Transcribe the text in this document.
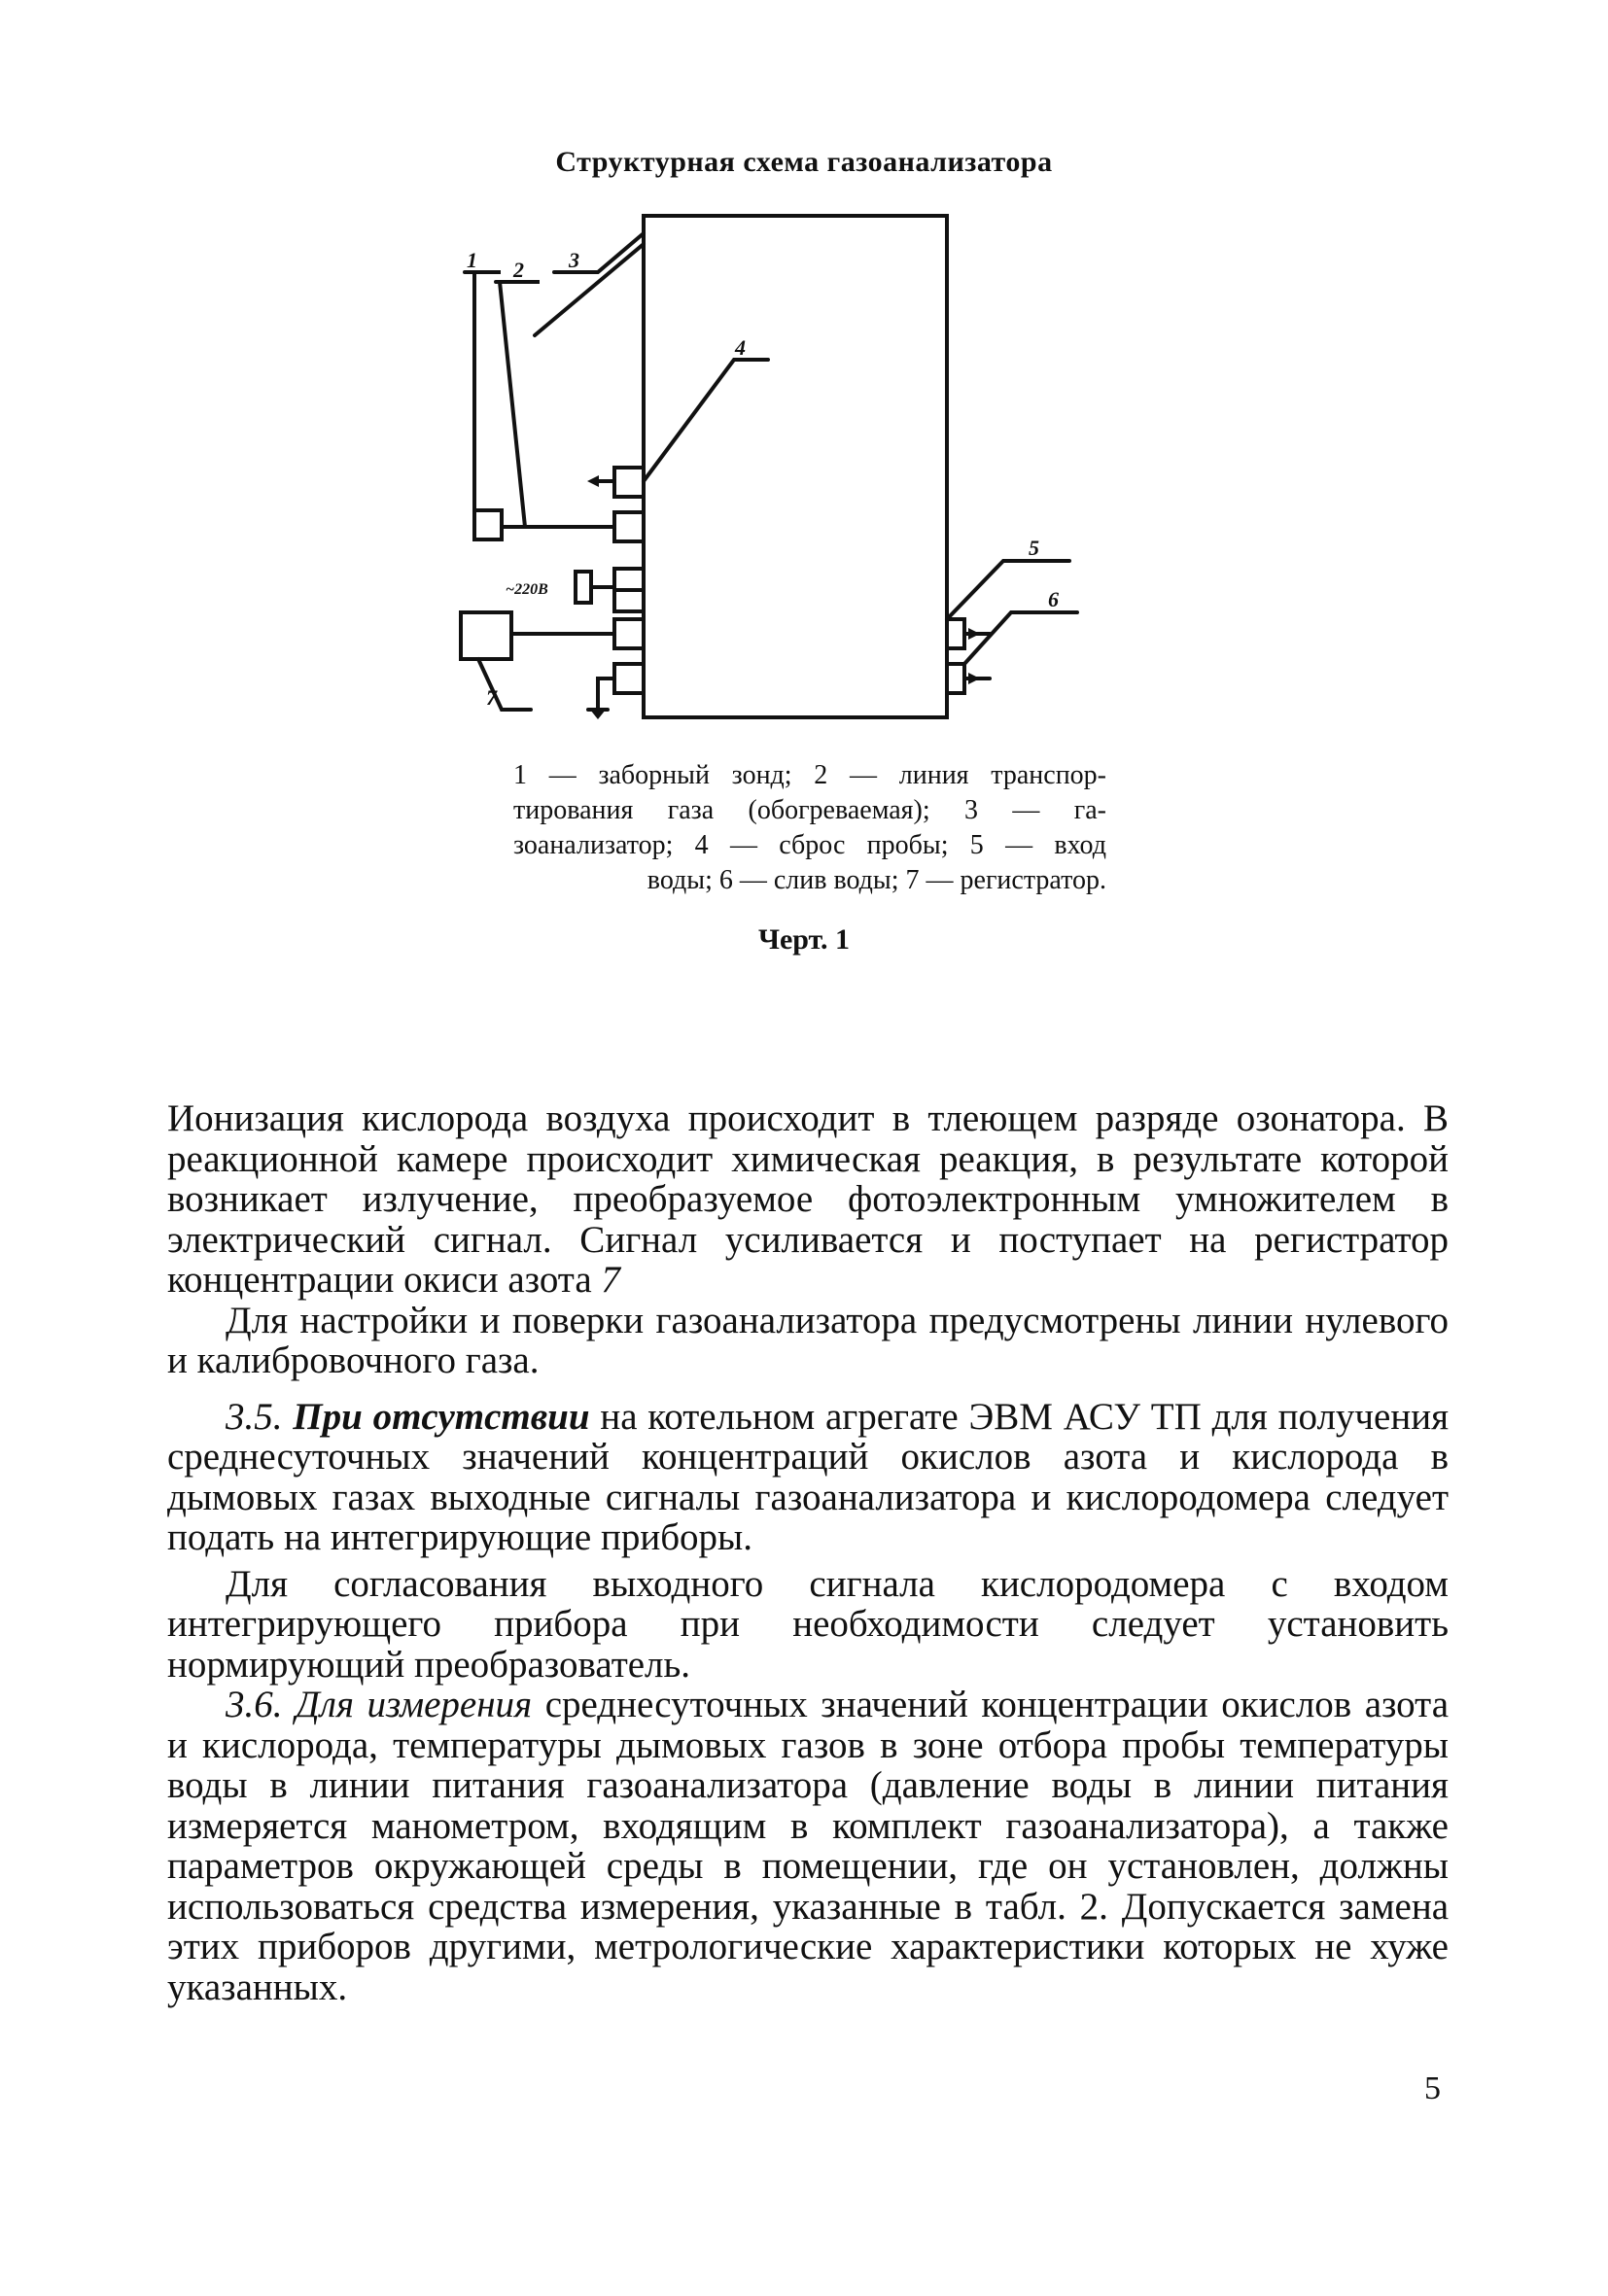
Структурная схема газоанализатора
1 2 3
4
5
6
7
~220В
1 — заборный зонд; 2 — линия транспор-
тирования газа (обогреваемая); 3 — га-
зоанализатор; 4 — сброс пробы; 5 — вход
воды; 6 — слив воды; 7 — регистратор.
Черт. 1

Ионизация кислорода воздуха происходит в тлеющем разряде озонатора. В реакционной камере происходит химическая реакция, в результате которой возникает излучение, преобразуемое фотоэлектронным умножителем в электрический сигнал. Сигнал усиливается и поступает на регистратор концентрации окиси азота 7

Для настройки и поверки газоанализатора предусмотрены линии нулевого и калибровочного газа.

3.5. При отсутствии на котельном агрегате ЭВМ АСУ ТП для получения среднесуточных значений концентраций окислов азота и кислорода в дымовых газах выходные сигналы газоанализатора и кислородомера следует подать на интегрирующие приборы.

Для согласования выходного сигнала кислородомера с входом интегрирующего прибора при необходимости следует установить нормирующий преобразователь.

3.6. Для измерения среднесуточных значений концентрации окислов азота и кислорода, температуры дымовых газов в зоне отбора пробы температуры воды в линии питания газоанализатора (давление воды в линии питания измеряется манометром, входящим в комплект газоанализатора), а также параметров окружающей среды в помещении, где он установлен, должны использоваться средства измерения, указанные в табл. 2. Допускается замена этих приборов другими, метрологические характеристики которых не хуже указанных.

5
